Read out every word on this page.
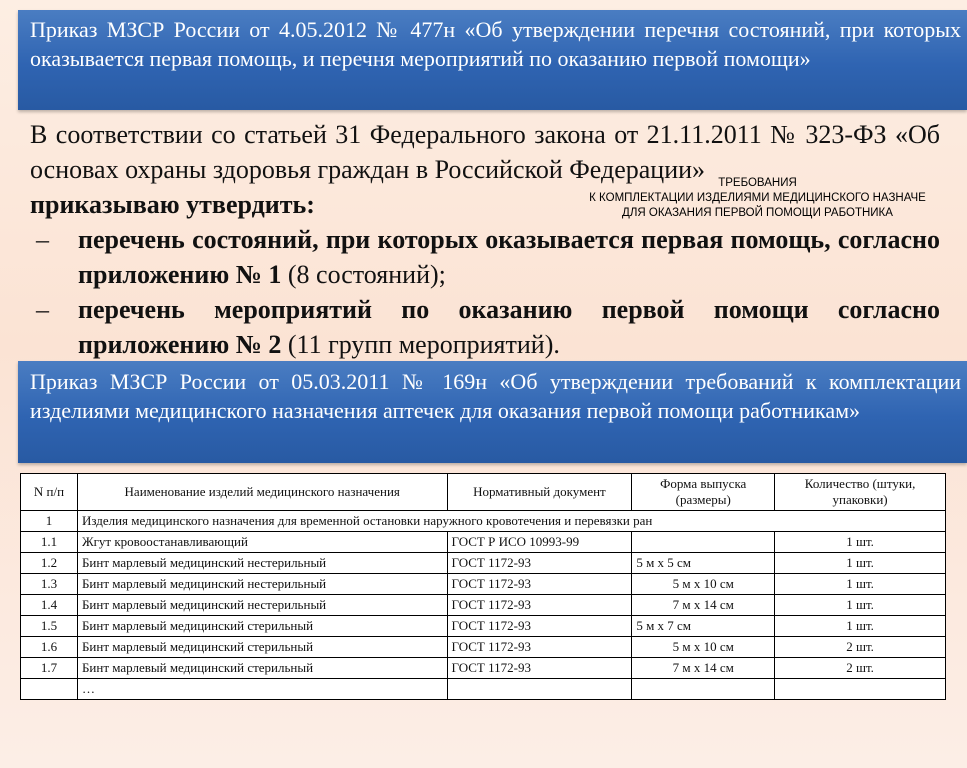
Приказ МЗСР России от 4.05.2012 № 477н «Об утверждении перечня состояний, при которых оказывается первая помощь, и перечня мероприятий по оказанию первой помощи»

В соответствии со статьей 31 Федерального закона от 21.11.2011 № 323-ФЗ «Об основах охраны здоровья граждан в Российской Федерации»

приказываю утвердить:

– перечень состояний, при которых оказывается первая помощь, согласно приложению № 1 (8 состояний);
– перечень мероприятий по оказанию первой помощи согласно приложению № 2 (11 групп мероприятий).
ТРЕБОВАНИЯ
К КОМПЛЕКТАЦИИ ИЗДЕЛИЯМИ МЕДИЦИНСКОГО НАЗНАЧЕ
ДЛЯ ОКАЗАНИЯ ПЕРВОЙ ПОМОЩИ РАБОТНИКА
Приказ МЗСР России от 05.03.2011 № 169н «Об утверждении требований к комплектации изделиями медицинского назначения аптечек для оказания первой помощи работникам»
N п/п	Наименование изделий медицинского назначения	Нормативный документ	Форма выпуска (размеры)	Количество (штуки, упаковки)
1	Изделия медицинского назначения для временной остановки наружного кровотечения и перевязки ран			
1.1	Жгут кровоостанавливающий	ГОСТ Р ИСО 10993-99		1 шт.
1.2	Бинт марлевый медицинский нестерильный	ГОСТ 1172-93	5 м х 5 см	1 шт.
1.3	Бинт марлевый медицинский нестерильный	ГОСТ 1172-93	5 м х 10 см	1 шт.
1.4	Бинт марлевый медицинский нестерильный	ГОСТ 1172-93	7 м х 14 см	1 шт.
1.5	Бинт марлевый медицинский стерильный	ГОСТ 1172-93	5 м х 7 см	1 шт.
1.6	Бинт марлевый медицинский стерильный	ГОСТ 1172-93	5 м х 10 см	2 шт.
1.7	Бинт марлевый медицинский стерильный	ГОСТ 1172-93	7 м х 14 см	2 шт.
	…			
